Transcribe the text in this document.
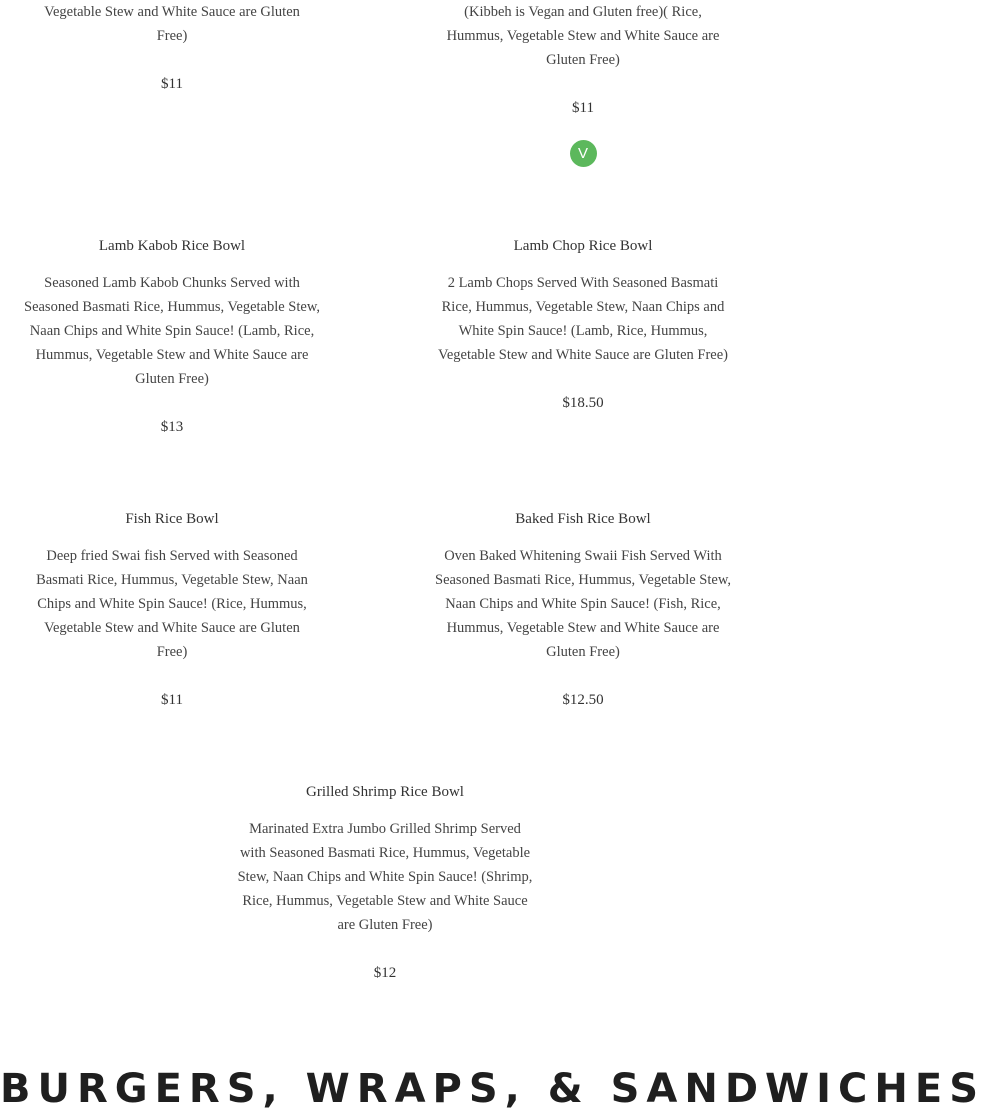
Vegetable Stew and White Sauce are Gluten Free)

$11

(Kibbeh is Vegan and Gluten free)( Rice, Hummus, Vegetable Stew and White Sauce are Gluten Free)

$11
V
Lamb Kabob Rice Bowl

Seasoned Lamb Kabob Chunks Served with Seasoned Basmati Rice, Hummus, Vegetable Stew, Naan Chips and White Spin Sauce! (Lamb, Rice, Hummus, Vegetable Stew and White Sauce are Gluten Free)

$13
Lamb Chop Rice Bowl

2 Lamb Chops Served With Seasoned Basmati Rice, Hummus, Vegetable Stew, Naan Chips and White Spin Sauce! (Lamb, Rice, Hummus, Vegetable Stew and White Sauce are Gluten Free)

$18.50
Fish Rice Bowl

Deep fried Swai fish Served with Seasoned Basmati Rice, Hummus, Vegetable Stew, Naan Chips and White Spin Sauce! (Rice, Hummus, Vegetable Stew and White Sauce are Gluten Free)

$11
Baked Fish Rice Bowl

Oven Baked Whitening Swaii Fish Served With Seasoned Basmati Rice, Hummus, Vegetable Stew, Naan Chips and White Spin Sauce! (Fish, Rice, Hummus, Vegetable Stew and White Sauce are Gluten Free)

$12.50
Grilled Shrimp Rice Bowl

Marinated Extra Jumbo Grilled Shrimp Served with Seasoned Basmati Rice, Hummus, Vegetable Stew, Naan Chips and White Spin Sauce! (Shrimp, Rice, Hummus, Vegetable Stew and White Sauce are Gluten Free)

$12
BURGERS, WRAPS, & SANDWICHES
